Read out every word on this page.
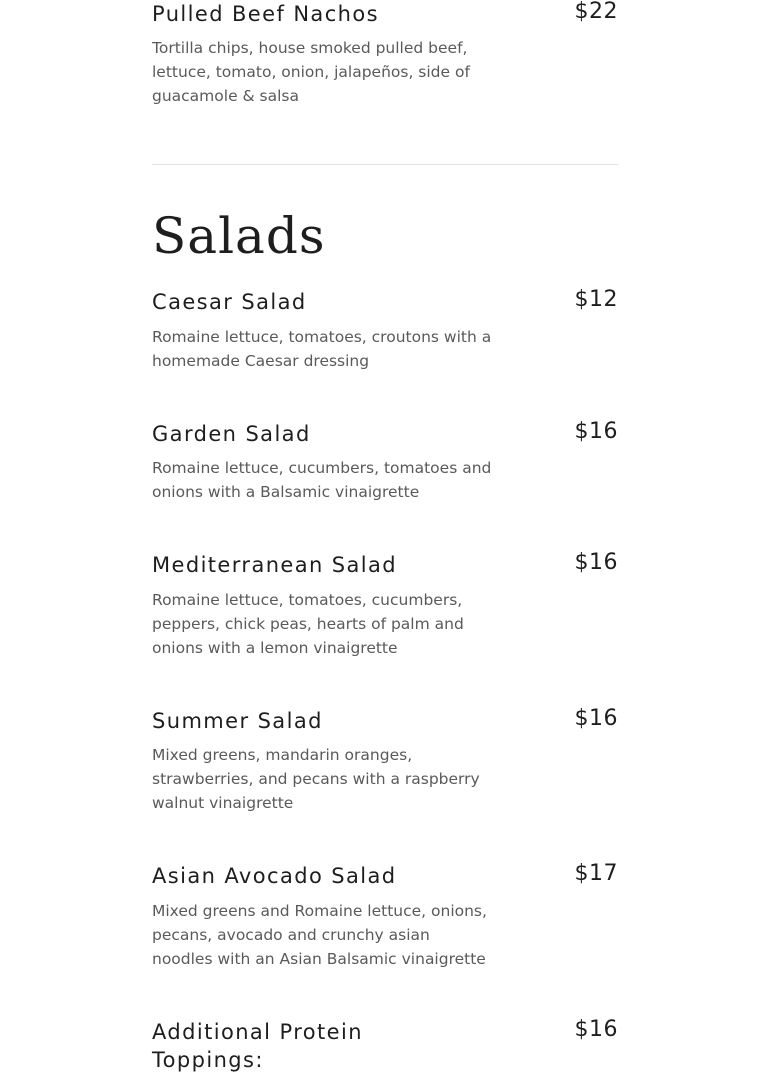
Pulled Beef Nachos	$22

Tortilla chips, house smoked pulled beef, lettuce, tomato, onion, jalapeños, side of guacamole & salsa

Salads
Caesar Salad	$12

Romaine lettuce, tomatoes, croutons with a homemade Caesar dressing

Garden Salad	$16

Romaine lettuce, cucumbers, tomatoes and onions with a Balsamic vinaigrette

Mediterranean Salad	$16

Romaine lettuce, tomatoes, cucumbers, peppers, chick peas, hearts of palm and onions with a lemon vinaigrette

Summer Salad	$16

Mixed greens, mandarin oranges, strawberries, and pecans with a raspberry walnut vinaigrette

Asian Avocado Salad	$17

Mixed greens and Romaine lettuce, onions, pecans, avocado and crunchy asian noodles with an Asian Balsamic vinaigrette

Additional Protein Toppings:
$16
